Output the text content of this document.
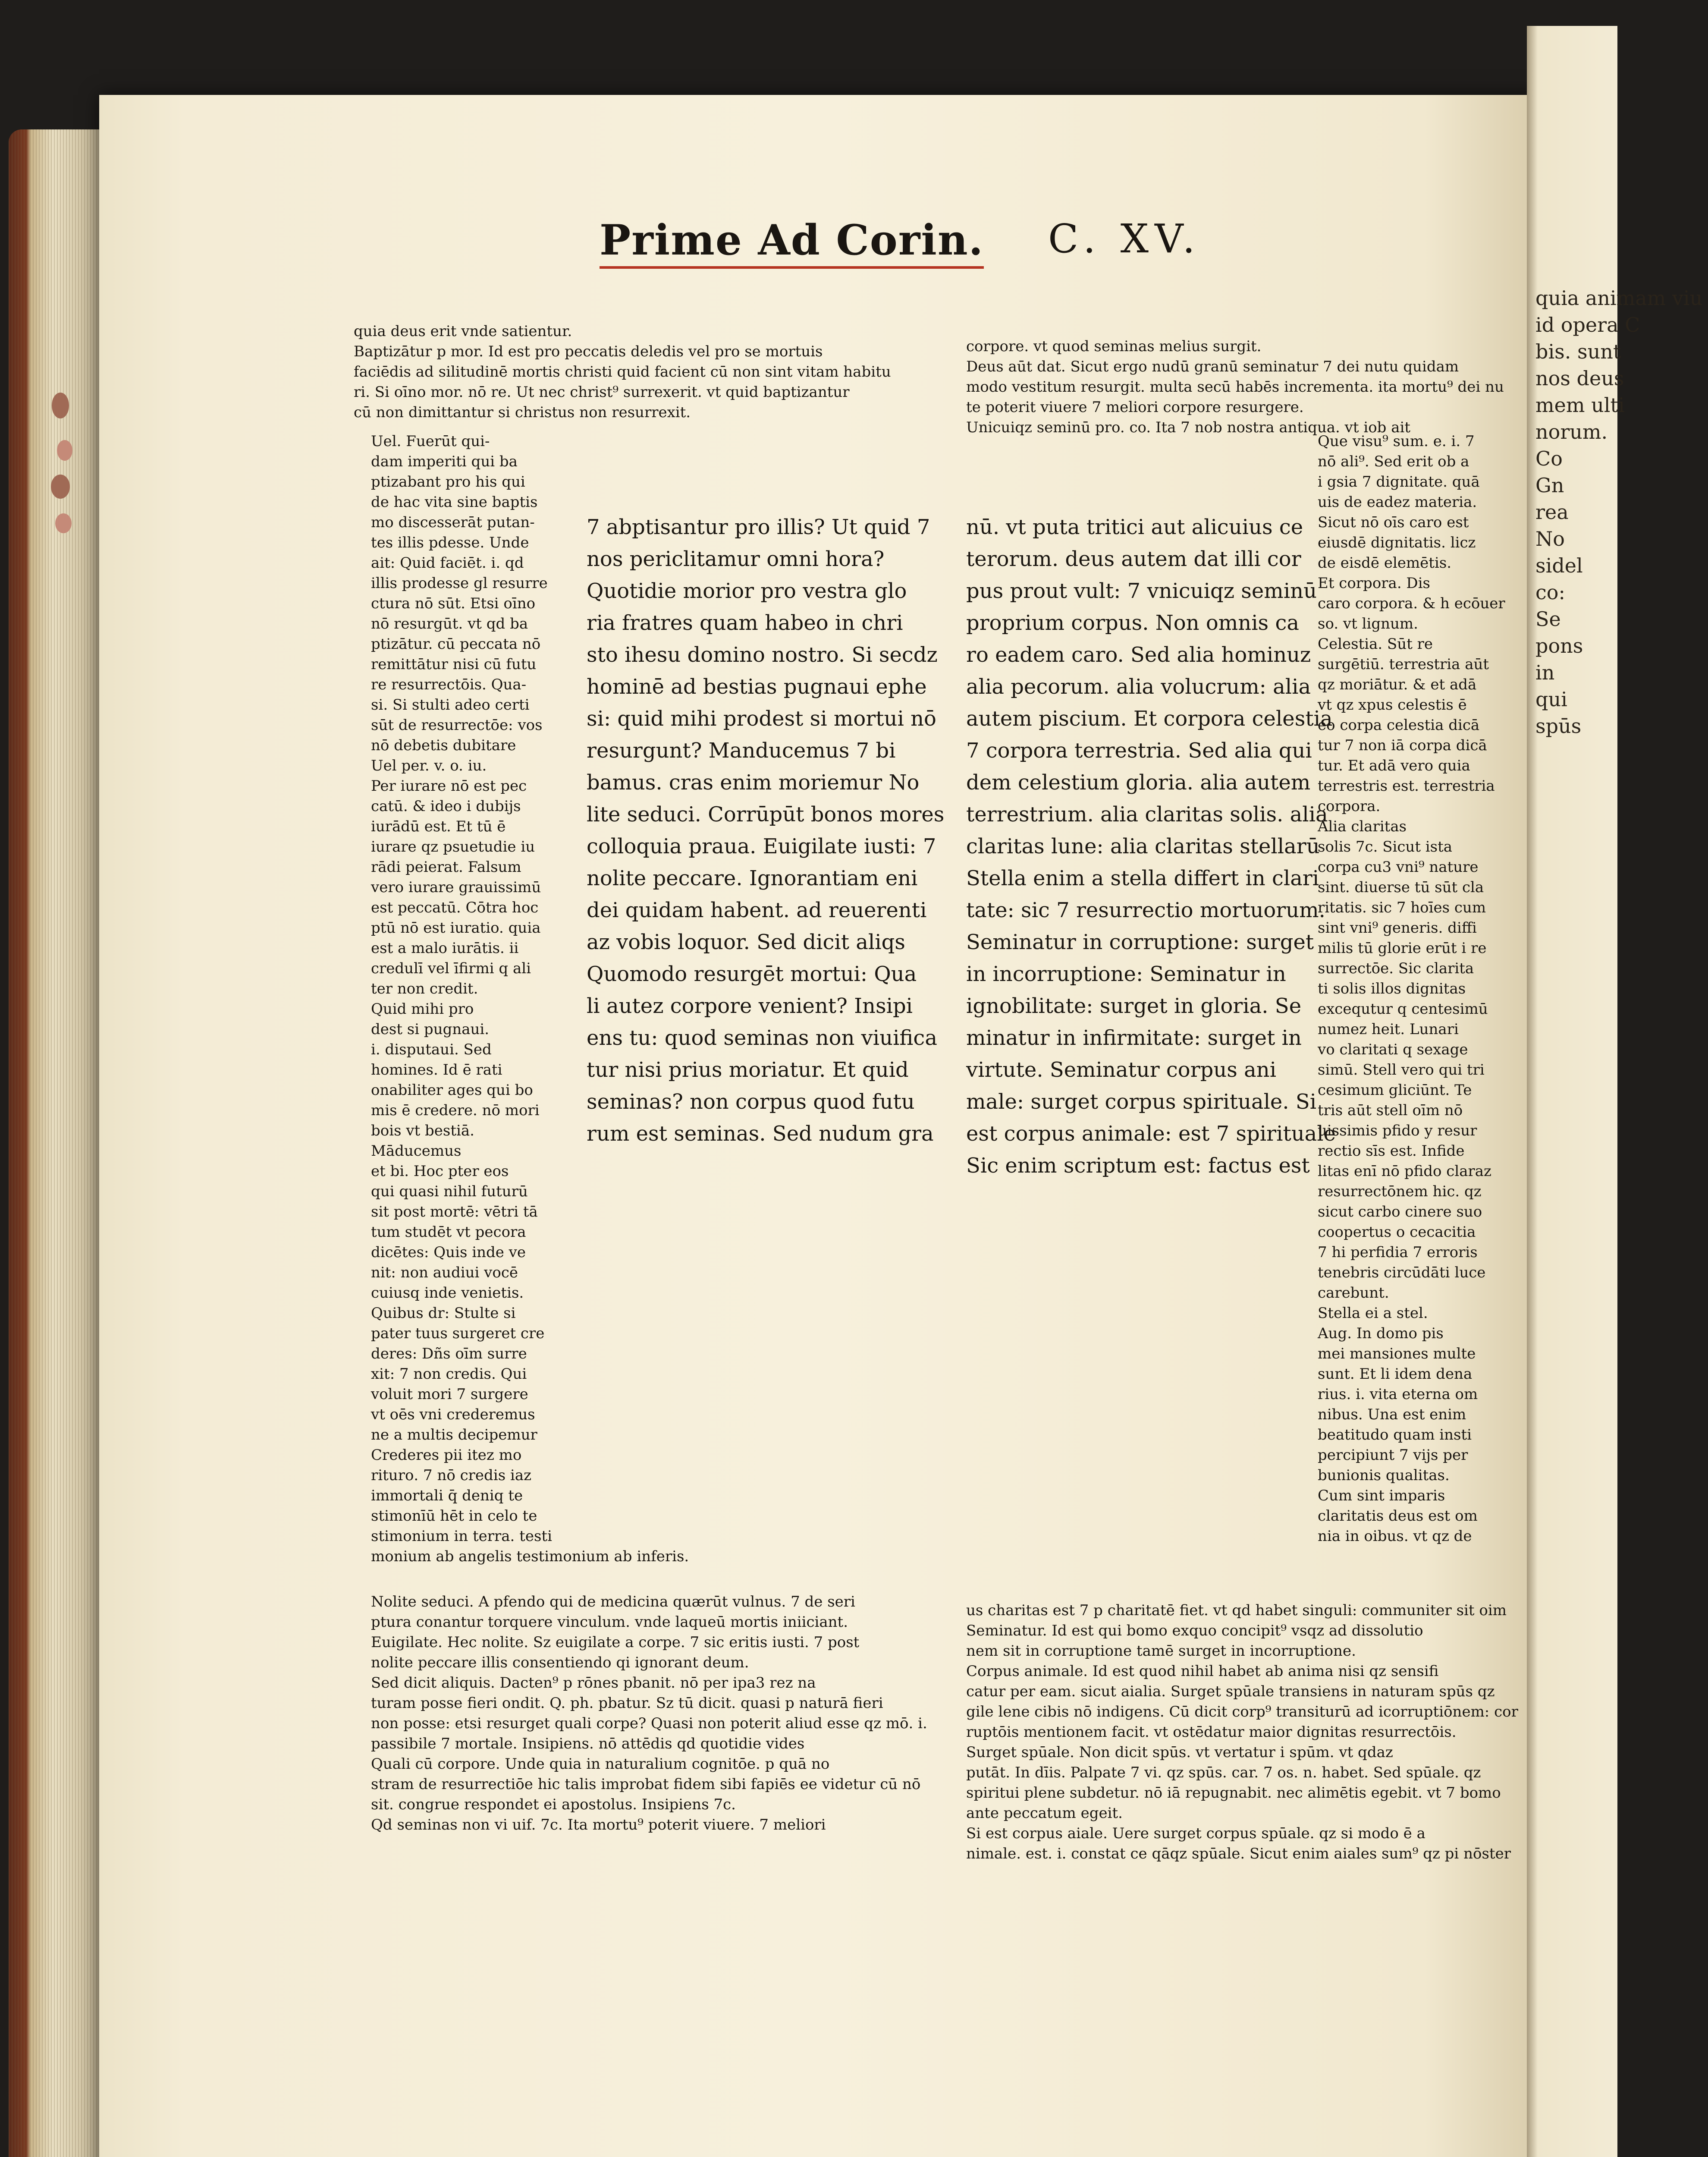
quia animam viu
id opera C
bis. sunt
nos deus
mem ulti
norum.
Co
Gn
rea
No
sidel
co:
Se
pons
in
qui
spūs
Prime Ad Corin. C. XV.
quia deus erit vnde satientur.
Baptizātur p mor. Id est pro peccatis deledis vel pro se mortuis
faciēdis ad silitudinē mortis christi quid facient cū non sint vitam habitu
ri. Si oīno mor. nō re. Ut nec christ⁹ surrexerit. vt quid baptizantur
cū non dimittantur si christus non resurrexit.
Uel. Fuerūt qui-
dam imperiti qui ba
ptizabant pro his qui
de hac vita sine baptis
mo discesserāt putan-
tes illis pdesse. Unde
ait: Quid faciēt. i. qd
illis prodesse gl resurre
ctura nō sūt. Etsi oīno
nō resurgūt. vt qd ba
ptizātur. cū peccata nō
remittātur nisi cū futu
re resurrectōis. Qua-
si. Si stulti adeo certi
sūt de resurrectōe: vos
nō debetis dubitare
Uel per. v. o. iu.
Per iurare nō est pec
catū. & ideo i dubijs
iurādū est. Et tū ē
iurare qz psuetudie iu
rādi peierat. Falsum
vero iurare grauissimū
est peccatū. Cōtra hoc
ptū nō est iuratio. quia
est a malo iurātis. ii
credulī vel īfirmi q ali
ter non credit.
Quid mihi pro
dest si pugnaui.
i. disputaui. Sed
homines. Id ē rati
onabiliter ages qui bo
mis ē credere. nō mori
bois vt bestiā.
Māducemus
et bi. Hoc pter eos
qui quasi nihil futurū
sit post mortē: vētri tā
tum studēt vt pecora
dicētes: Quis inde ve
nit: non audiui vocē
cuiusq inde venietis.
Quibus dr: Stulte si
pater tuus surgeret cre
deres: Dñs oīm surre
xit: 7 non credis. Qui
voluit mori 7 surgere
vt oēs vni crederemus
ne a multis decipemur
Crederes pii itez mo
riturο. 7 nō credis iaz
immortali q̄ deniq te
stimonīū hēt in celo te
stimonium in terra. testi
monium ab angelis
7 abptisantur pro illis? Ut quid 7
nos periclitamur omni hora?
Quotidie morior pro vestra glo
ria fratres quam habeo in chri
sto ihesu domino nostro. Si secdz
hominē ad bestias pugnaui ephe
si: quid mihi prodest si mortui nō
resurgunt? Manducemus 7 bi
bamus. cras enim moriemur No
lite seduci. Corrūpūt bonos mores
colloquia praua. Euigilate iusti: 7
nolite peccare. Ignorantiam eni
dei quidam habent. ad reuerenti
az vobis loquor. Sed dicit aliqs
Quomodo resurgēt mortui: Qua
li autez corpore venient? Insipi
ens tu: quod seminas non viuifica
tur nisi prius moriatur. Et quid
seminas? non corpus quod futu
rum est seminas. Sed nudum gra
Nolite seduci. A pfendo qui de medicina quærūt vulnus. 7 de seri
ptura conantur torquere vinculum. vnde laqueū mortis iniiciant.
Euigilate. Hec nolite. Sz euigilate a corpe. 7 sic eritis iusti. 7 post
nolite peccare illis consentiendo qi ignorant deum.
Sed dicit aliquis. Dacten⁹ p rōnes pbanit. nō per ipa3 rez na
turam posse fieri ondit. Q. ph. pbatur. Sz tū dicit. quasi p naturā fieri
non posse: etsi resurget quali corpe? Quasi non poterit aliud esse qz mō. i.
passibile 7 mortale. Insipiens. nō attēdis qd quotidie vides
Quali cū corpore. Unde quia in naturalium cognitōe. p quā no
stram de resurrectiōe hic talis improbat fidem sibi fapiēs ee videtur cū nō
sit. congrue respondet ei apostolus. Insipiens 7c.
Qd seminas non vi uif. 7c. Ita mortu⁹ poterit viuere. 7 meliori
corpore. vt quod seminas melius surgit.
Deus aūt dat. Sicut ergo nudū granū seminatur 7 dei nutu quidam
modo vestitum resurgit. multa secū habēs incrementa. ita mortu⁹ dei nu
te poterit viuere 7 meliori corpore resurgere.
Unicuiqz seminū pro. co. Ita 7 nob nostra antiqua. vt iob ait
nū. vt puta tritici aut alicuius ce
terorum. deus autem dat illi cor
pus prout vult: 7 vnicuiqz seminū
proprium corpus. Non omnis ca
ro eadem caro. Sed alia hominuz
alia pecorum. alia volucrum: alia
autem piscium. Et corpora celestia
7 corpora terrestria. Sed alia qui
dem celestium gloria. alia autem
terrestrium. alia claritas solis. alia
claritas lune: alia claritas stellarū
Stella enim a stella differt in clari
tate: sic 7 resurrectio mortuorum.
Seminatur in corruptione: surget
in incorruptione: Seminatur in
ignobilitate: surget in gloria. Se
minatur in infirmitate: surget in
virtute. Seminatur corpus ani
male: surget corpus spirituale. Si
est corpus animale: est 7 spirituale
Sic enim scriptum est: factus est
Que visu⁹ sum. e. i. 7
nō ali⁹. Sed erit ob a
i gsia 7 dignitate. quā
uis de eadez materia.
Sicut nō oīs caro est
eiusdē dignitatis. licz
de eisdē elemētis.
Et corpora. Dis
caro corpora. & h ecōuer
so. vt lignum.
Celestia. Sūt re
surgētiū. terrestria aūt
qz moriātur. & et adā
vt qz xpus celestis ē
eo corpa celestia dicā
tur 7 non iā corpa dicā
tur. Et adā vero quia
terrestris est. terrestria
corpora.
Alia claritas
solis 7c. Sicut ista
corpa cu3 vni⁹ nature
sint. diuerse tū sūt cla
ritatis. sic 7 hoīes cum
sint vni⁹ generis. diffi
milis tū glorie erūt i re
surrectōe. Sic clarita
ti solis illos dignitas
excequtur q centesimū
numez heit. Lunari
vo claritati q sexage
simū. Stell vero qui tri
cesimum gliciūnt. Te
tris aūt stell oīm nō
uissimis pfido y resur
rectio sīs est. Infide
litas enī nō pfido claraz
resurrectōnem hic. qz
sicut carbo cinere suo
coopertus o cecacitia
7 hi perfidia 7 erroris
tenebris circūdāti luce
carebunt.
Stella ei a stel.
Aug. In domo pis
mei mansiones multe
sunt. Et li idem dena
rius. i. vita eterna om
nibus. Una est enim
beatitudo quam insti
percipiunt 7 vijs per
bunionis qualitas.
Cum sint imparis
claritatis deus est om
nia in oibus. vt qz de
us charitas est 7 p charitatē fiet. vt qd habet singuli: communiter sit oim
Seminatur. Id est qui bomo exquo concipit⁹ vsqz ad dissolutio
nem sit in corruptione tamē surget in incorruptione.
Corpus animale. Id est quod nihil habet ab anima nisi qz sensifi
catur per eam. sicut aialia. Surget spūale transiens in naturam spūs qz
gile lene cibis nō indigens. Cū dicit corp⁹ transiturū ad icorruptiōnem: cor
ruptōis mentionem facit. vt ostēdatur maior dignitas resurrectōis.
Surget spūale. Non dicit spūs. vt vertatur i spūm. vt qdaz
putāt. In dīis. Palpate 7 vi. qz spūs. car. 7 os. n. habet. Sed spūale. qz
spiritui plene subdetur. nō iā repugnabit. nec alimētis egebit. vt 7 bomo
ante peccatum egeit.
Si est corpus aiale. Uere surget corpus spūale. qz si modo ē a
nimale. est. i. constat ce qāqz spūale. Sicut enim aiales sum⁹ qz pi nōster
